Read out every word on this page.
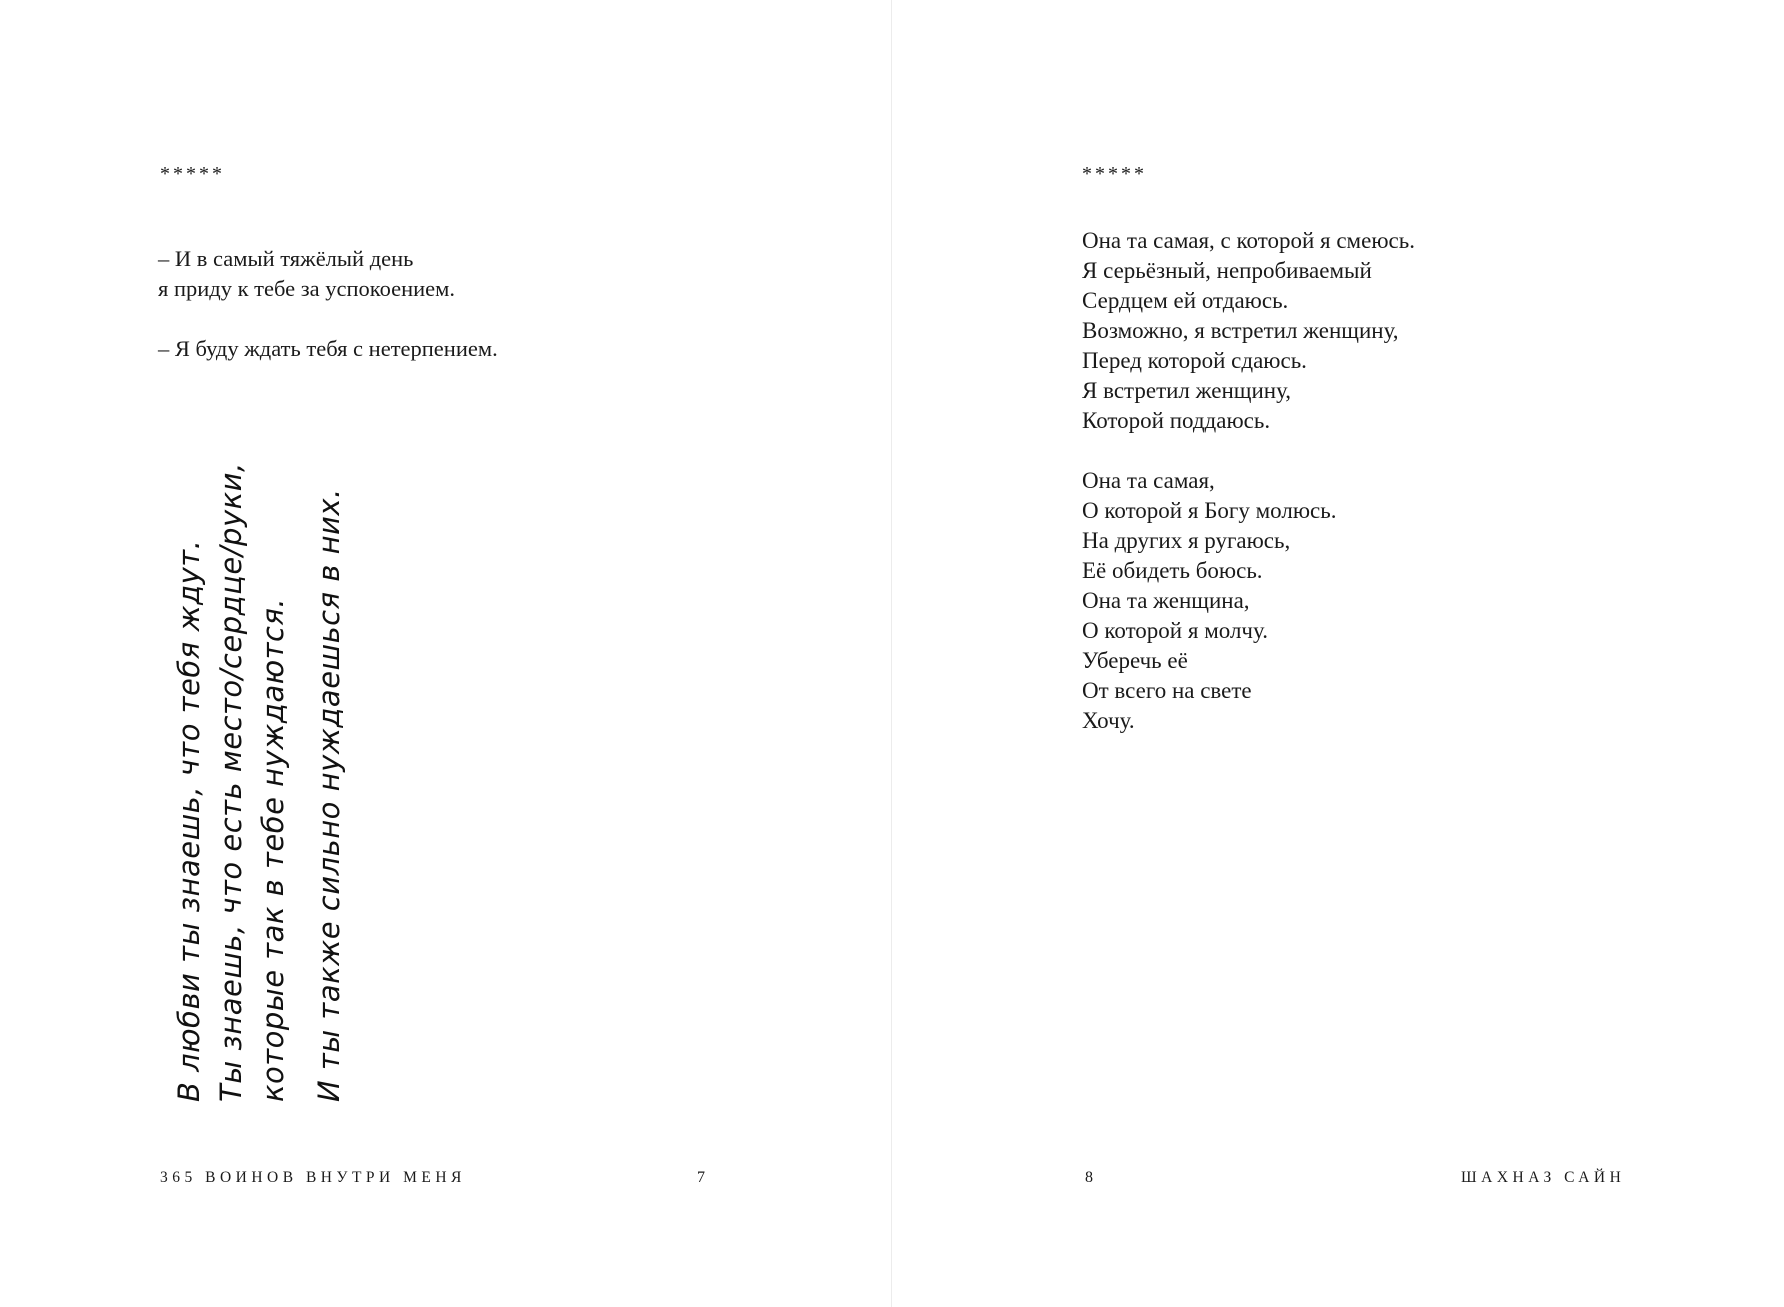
*****

– И в самый тяжёлый день

я приду к тебе за успокоением.

– Я буду ждать тебя с нетерпением.

В любви ты знаешь, что тебя ждут. Ты знаешь, что есть место/сердце/руки, которые так в тебе нуждаются. И ты также сильно нуждаешься в них.

365 ВОИНОВ ВНУТРИ МЕНЯ	7
*****

Она та самая, с которой я смеюсь.

Я серьёзный, непробиваемый

Сердцем ей отдаюсь.

Возможно, я встретил женщину,

Перед которой сдаюсь.

Я встретил женщину,

Которой поддаюсь.

Она та самая,

О которой я Богу молюсь.

На других я ругаюсь,

Её обидеть боюсь.

Она та женщина,

О которой я молчу.

Уберечь её

От всего на свете

Хочу.

8	ШАХНАЗ САЙН
